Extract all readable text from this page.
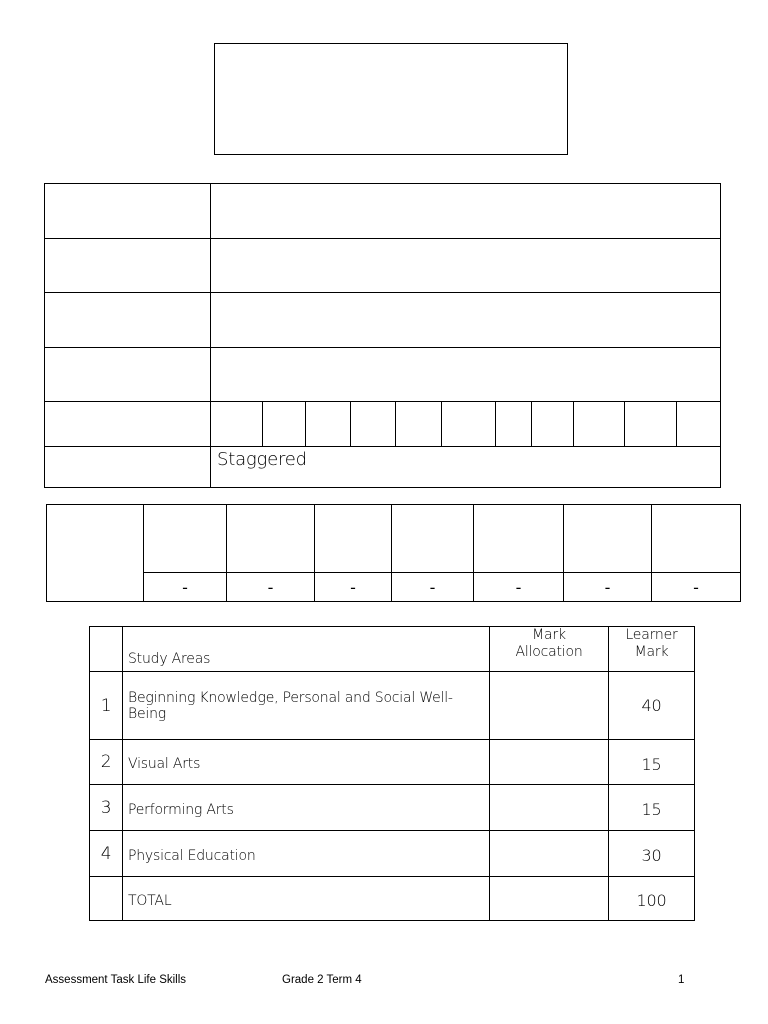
	Staggered

	-	-	-	-	-	-	-
	Study Areas	Mark Allocation	Learner Mark
1	Beginning Knowledge, Personal and Social Well-Being		40
2	Visual Arts		15
3	Performing Arts		15
4	Physical Education		30
	TOTAL		100
Assessment Task Life Skills	Grade 2 Term 4	1
